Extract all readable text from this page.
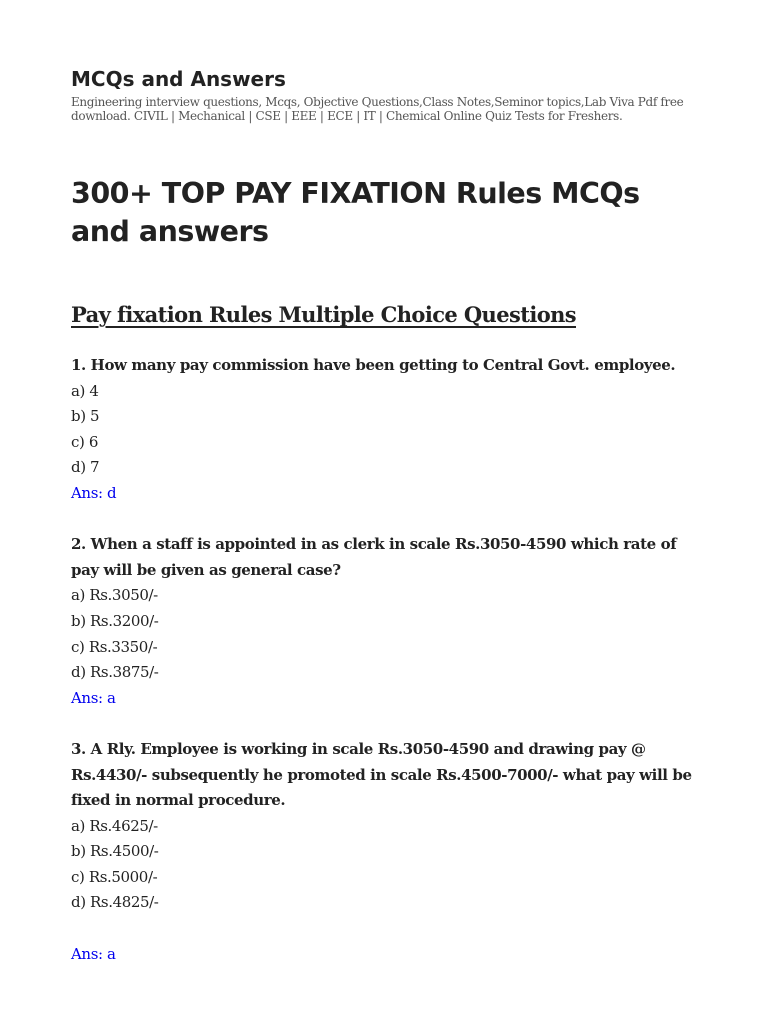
MCQs and Answers

Engineering interview questions, Mcqs, Objective Questions,Class Notes,Seminor topics,Lab Viva Pdf free download. CIVIL | Mechanical | CSE | EEE | ECE | IT | Chemical Online Quiz Tests for Freshers.

300+ TOP PAY FIXATION Rules MCQs and answers
Pay fixation Rules Multiple Choice Questions
1. How many pay commission have been getting to Central Govt. employee.
a) 4
b) 5
c) 6
d) 7
Ans: d
2. When a staff is appointed in as clerk in scale Rs.3050-4590 which rate of pay will be given as general case?
a) Rs.3050/-
b) Rs.3200/-
c) Rs.3350/-
d) Rs.3875/-
Ans: a
3. A Rly. Employee is working in scale Rs.3050-4590 and drawing pay @ Rs.4430/- subsequently he promoted in scale Rs.4500-7000/- what pay will be fixed in normal procedure.
a) Rs.4625/-
b) Rs.4500/-
c) Rs.5000/-
d) Rs.4825/-
Ans: a
